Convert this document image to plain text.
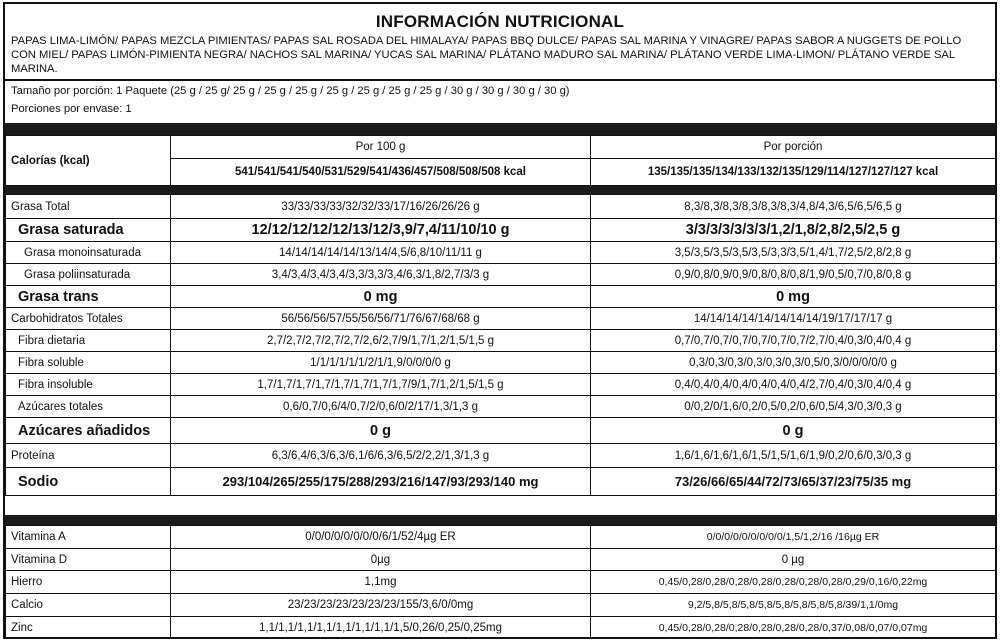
INFORMACIÓN NUTRICIONAL
PAPAS LIMA-LIMÓN/ PAPAS MEZCLA PIMIENTAS/ PAPAS SAL ROSADA DEL HIMALAYA/ PAPAS BBQ DULCE/ PAPAS SAL MARINA Y VINAGRE/ PAPAS SABOR A NUGGETS DE POLLO CON MIEL/ PAPAS LIMÓN-PIMIENTA NEGRA/ NACHOS SAL MARINA/ YUCAS SAL MARINA/ PLÁTANO MADURO SAL MARINA/ PLÁTANO VERDE LIMA-LIMON/ PLÁTANO VERDE SAL MARINA.
Tamaño por porción: 1 Paquete (25 g / 25 g/ 25 g / 25 g / 25 g / 25 g / 25 g / 25 g / 25 g / 30 g / 30 g / 30 g / 30 g)
Porciones por envase: 1
Calorías (kcal)	Por 100 g	Por porción
	541/541/541/540/531/529/541/436/457/508/508/508 kcal	135/135/135/134/133/132/135/129/114/127/127/127 kcal
Grasa Total	33/33/33/33/32/32/33/17/16/26/26/26 g	8,3/8,3/8,3/8,3/8,3/8,3/4,8/4,3/6,5/6,5/6,5 g
Grasa saturada	12/12/12/12/12/13/12/3,9/7,4/11/10/10 g	3/3/3/3/3/3/3/1,2/1,8/2,8/2,5/2,5 g
Grasa monoinsaturada	14/14/14/14/14/13/14/4,5/6,8/10/11/11 g	3,5/3,5/3,5/3,5/3,5/3,3/3,5/1,4/1,7/2,5/2,8/2,8 g
Grasa poliinsaturada	3,4/3,4/3,4/3,4/3,3/3,3/3,4/6,3/1,8/2,7/3/3 g	0,9/0,8/0,9/0,9/0,8/0,8/0,8/1,9/0,5/0,7/0,8/0,8 g
Grasa trans	0 mg	0 mg
Carbohidratos Totales	56/56/56/57/55/56/56/71/76/67/68/68 g	14/14/14/14/14/14/14/14/19/17/17/17 g
Fibra dietaria	2,7/2,7/2,7/2,7/2,7/2,6/2,7/9/1,7/1,2/1,5/1,5 g	0,7/0,7/0,7/0,7/0,7/0,7/0,7/2,7/0,4/0,3/0,4/0,4 g
Fibra soluble	1/1/1/1/1/1/2/1/1,9/0/0/0/0 g	0,3/0,3/0,3/0,3/0,3/0,3/0,5/0,3/0/0/0/0/0 g
Fibra insoluble	1,7/1,7/1,7/1,7/1,7/1,7/1,7/1,7/9/1,7/1,2/1,5/1,5 g	0,4/0,4/0,4/0,4/0,4/0,4/0,4/2,7/0,4/0,3/0,4/0,4 g
Azúcares totales	0,6/0,7/0,6/4/0,7/2/0,6/0/2/17/1,3/1,3 g	0/0,2/0/1,6/0,2/0,5/0,2/0,6/0,5/4,3/0,3/0,3 g
Azúcares añadidos	0 g	0 g
Proteína	6,3/6,4/6,3/6,3/6,1/6/6,3/6,5/2/2,2/1,3/1,3 g	1,6/1,6/1,6/1,6/1,5/1,5/1,6/1,9/0,2/0,6/0,3/0,3 g
Sodio	293/104/265/255/175/288/293/216/147/93/293/140 mg	73/26/66/65/44/72/73/65/37/23/75/35 mg
Vitamina A	0/0/0/0/0/0/0/0/6/1/52/4µg ER	0/0/0/0/0/0/0/0/0/1,5/1,2/16 /16µg ER
Vitamina D	0µg	0 µg
Hierro	1,1mg	0,45/0,28/0,28/0,28/0,28/0,28/0,28/0,28/0,29/0,16/0,22mg
Calcio	23/23/23/23/23/23/23/155/3,6/0/0mg	9,2/5,8/5,8/5,8/5,8/5,8/5,8/5,8/5,8/39/1,1/0mg
Zinc	1,1/1,1/1,1/1,1/1,1/1,1/1,1/1,5/0,26/0,25/0,25mg	0,45/0,28/0,28/0,28/0,28/0,28/0,28/0,37/0,08/0,07/0,07mg
